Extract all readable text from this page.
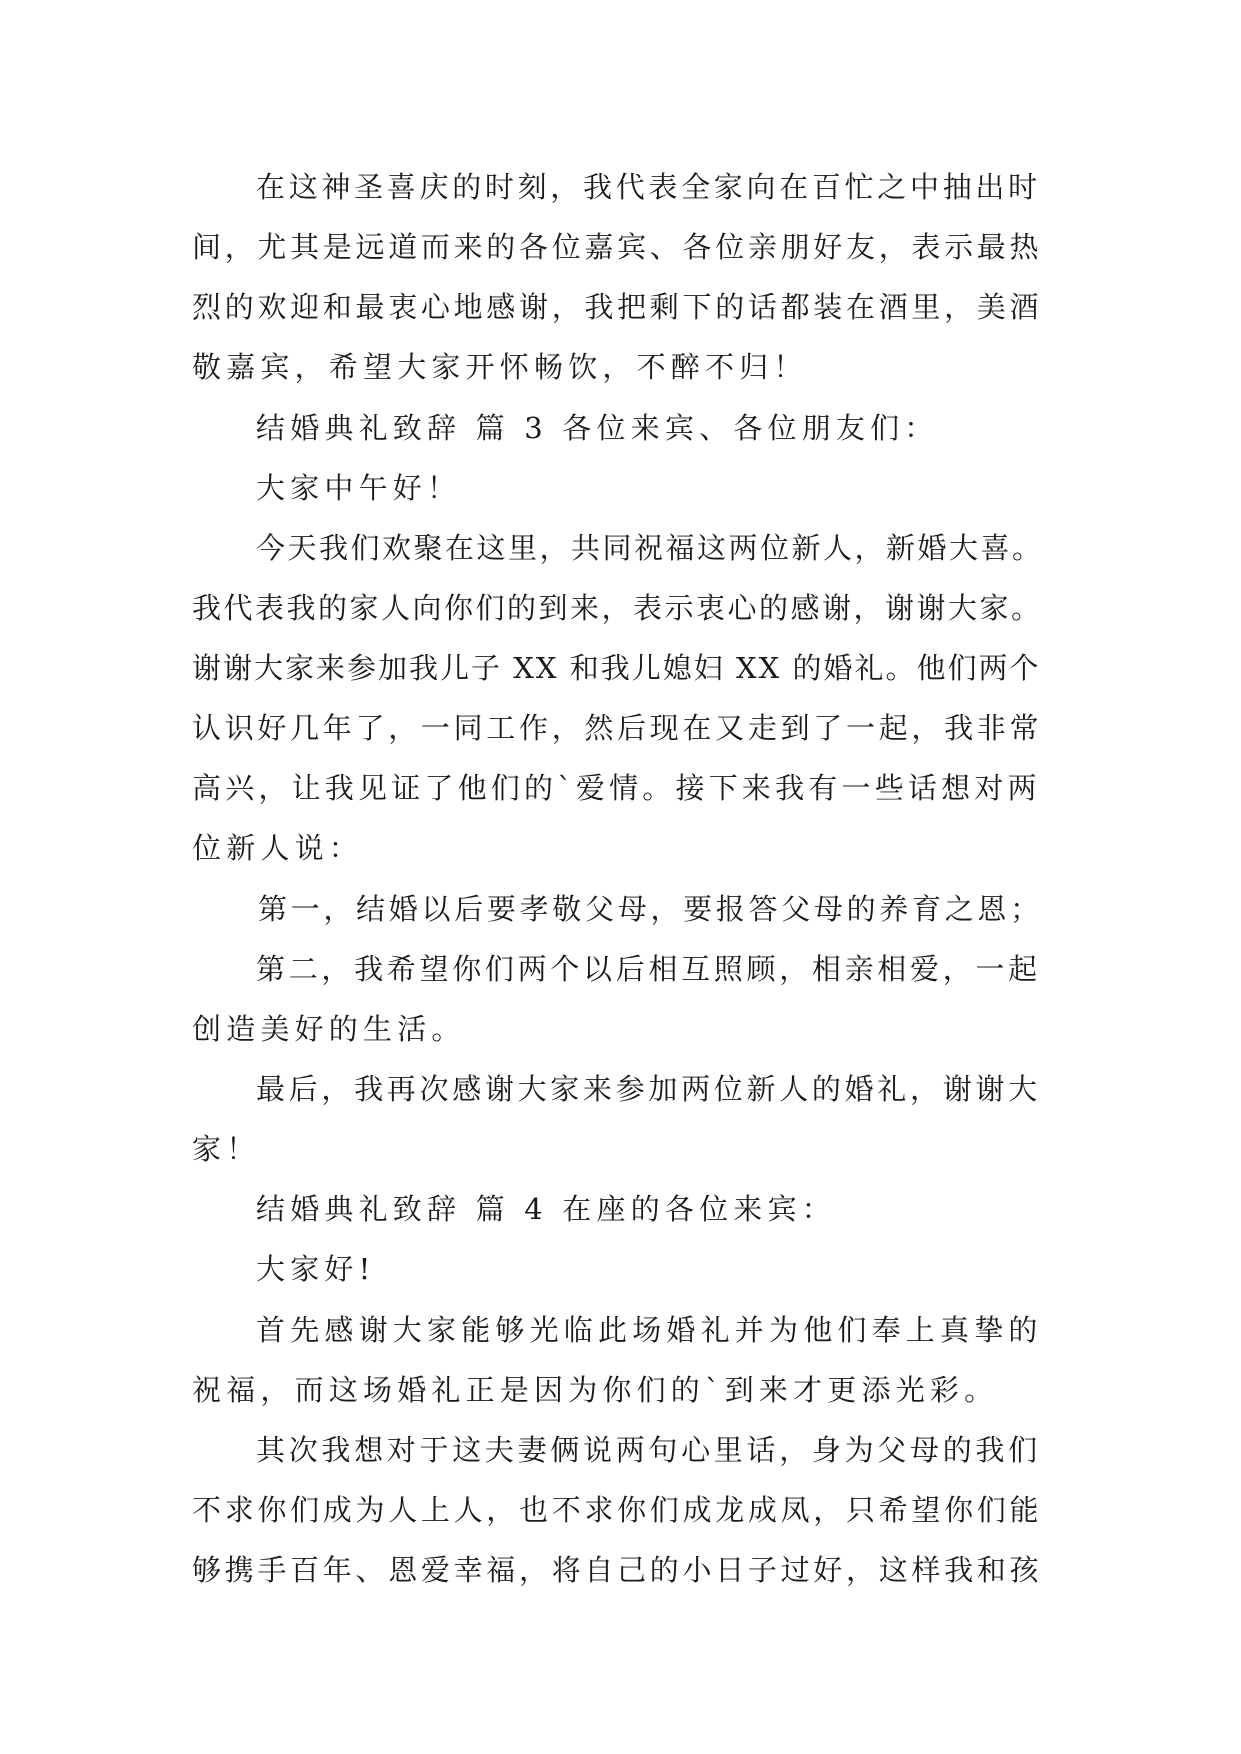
在这神圣喜庆的时刻，我代表全家向在百忙之中抽出时

间，尤其是远道而来的各位嘉宾、各位亲朋好友，表示最热

烈的欢迎和最衷心地感谢，我把剩下的话都装在酒里，美酒

敬嘉宾，希望大家开怀畅饮，不醉不归！

结婚典礼致辞 篇 3 各位来宾、各位朋友们：

大家中午好！

今天我们欢聚在这里，共同祝福这两位新人，新婚大喜。

我代表我的家人向你们的到来，表示衷心的感谢，谢谢大家。

谢谢大家来参加我儿子 XX 和我儿媳妇 XX 的婚礼。他们两个

认识好几年了，一同工作，然后现在又走到了一起，我非常

高兴，让我见证了他们的`爱情。接下来我有一些话想对两

位新人说：

第一，结婚以后要孝敬父母，要报答父母的养育之恩；

第二，我希望你们两个以后相互照顾，相亲相爱，一起

创造美好的生活。

最后，我再次感谢大家来参加两位新人的婚礼，谢谢大

家！

结婚典礼致辞 篇 4 在座的各位来宾：

大家好!

首先感谢大家能够光临此场婚礼并为他们奉上真挚的

祝福，而这场婚礼正是因为你们的`到来才更添光彩。

其次我想对于这夫妻俩说两句心里话，身为父母的我们

不求你们成为人上人，也不求你们成龙成凤，只希望你们能

够携手百年、恩爱幸福，将自己的小日子过好，这样我和孩
